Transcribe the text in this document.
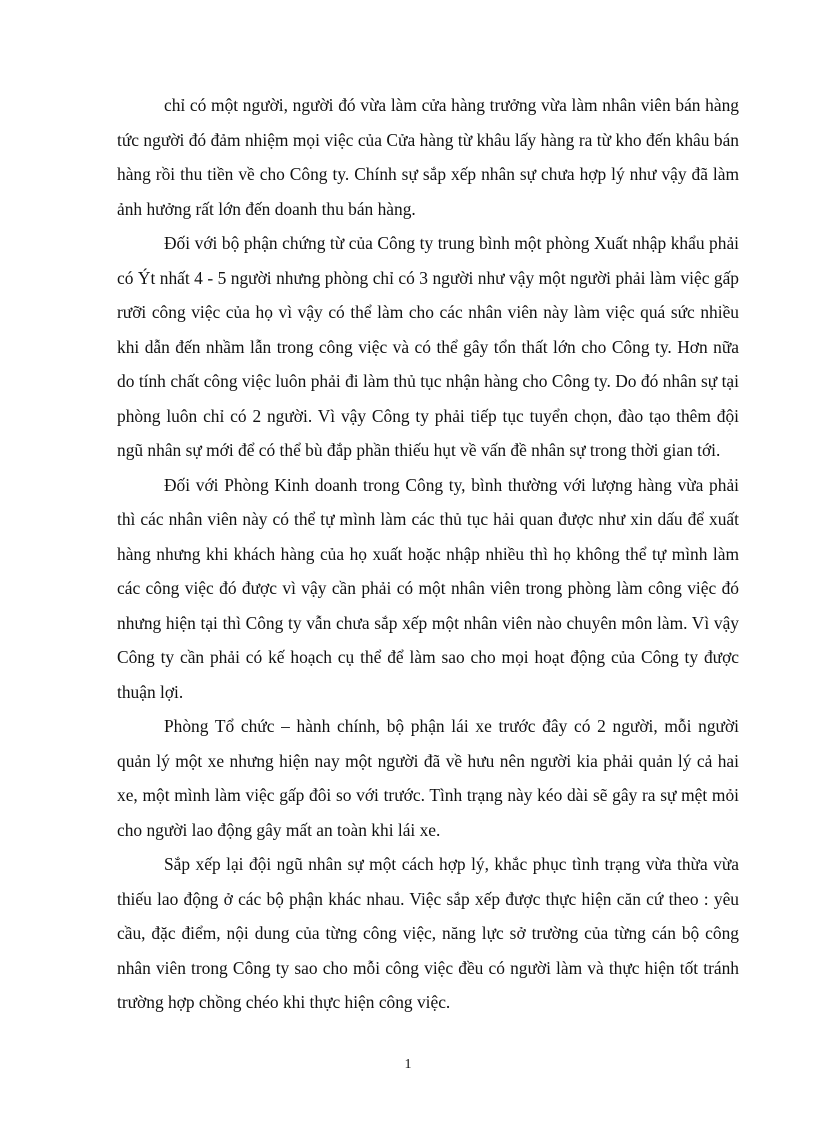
chỉ có một người, người đó vừa làm cửa hàng trưởng vừa làm nhân viên bán hàng tức người đó đảm nhiệm mọi việc của Cửa hàng từ khâu lấy hàng ra từ kho đến khâu bán hàng rồi thu tiền về cho Công ty. Chính sự sắp xếp nhân sự chưa hợp lý như vậy đã làm ảnh hưởng rất lớn đến doanh thu bán hàng.

Đối với bộ phận chứng từ của Công ty trung bình một phòng Xuất nhập khẩu phải có Ýt nhất 4 - 5 người nhưng phòng chỉ có 3 người như vậy một người phải làm việc gấp rưỡi công việc của họ vì vậy có thể làm cho các nhân viên này làm việc quá sức nhiều khi dẫn đến nhầm lẫn trong công việc và có thể gây tổn thất lớn cho Công ty. Hơn nữa do tính chất công việc luôn phải đi làm thủ tục nhận hàng cho Công ty. Do đó nhân sự tại phòng luôn chỉ có 2 người. Vì vậy Công ty phải tiếp tục tuyển chọn, đào tạo thêm đội ngũ nhân sự mới để có thể bù đắp phần thiếu hụt về vấn đề nhân sự trong thời gian tới.

Đối với Phòng Kinh doanh trong Công ty, bình thường với lượng hàng vừa phải thì các nhân viên này có thể tự mình làm các thủ tục hải quan được như xin dấu để xuất hàng nhưng khi khách hàng của họ xuất hoặc nhập nhiều thì họ không thể tự mình làm các công việc đó được vì vậy cần phải có một nhân viên trong phòng làm công việc đó nhưng hiện tại thì Công ty vẫn chưa sắp xếp một nhân viên nào chuyên môn làm. Vì vậy Công ty cần phải có kế hoạch cụ thể để làm sao cho mọi hoạt động của Công ty được thuận lợi.

Phòng Tổ chức – hành chính, bộ phận lái xe trước đây có 2 người, mỗi người quản lý một xe nhưng hiện nay một người đã về hưu nên người kia phải quản lý cả hai xe, một mình làm việc gấp đôi so với trước. Tình trạng này kéo dài sẽ gây ra sự mệt mỏi cho người lao động gây mất an toàn khi lái xe.

Sắp xếp lại đội ngũ nhân sự một cách hợp lý, khắc phục tình trạng vừa thừa vừa thiếu lao động ở các bộ phận khác nhau. Việc sắp xếp được thực hiện căn cứ theo : yêu cầu, đặc điểm, nội dung của từng công việc, năng lực sở trường của từng cán bộ công nhân viên trong Công ty sao cho mỗi công việc đều có người làm và thực hiện tốt tránh trường hợp chồng chéo khi thực hiện công việc.

1
